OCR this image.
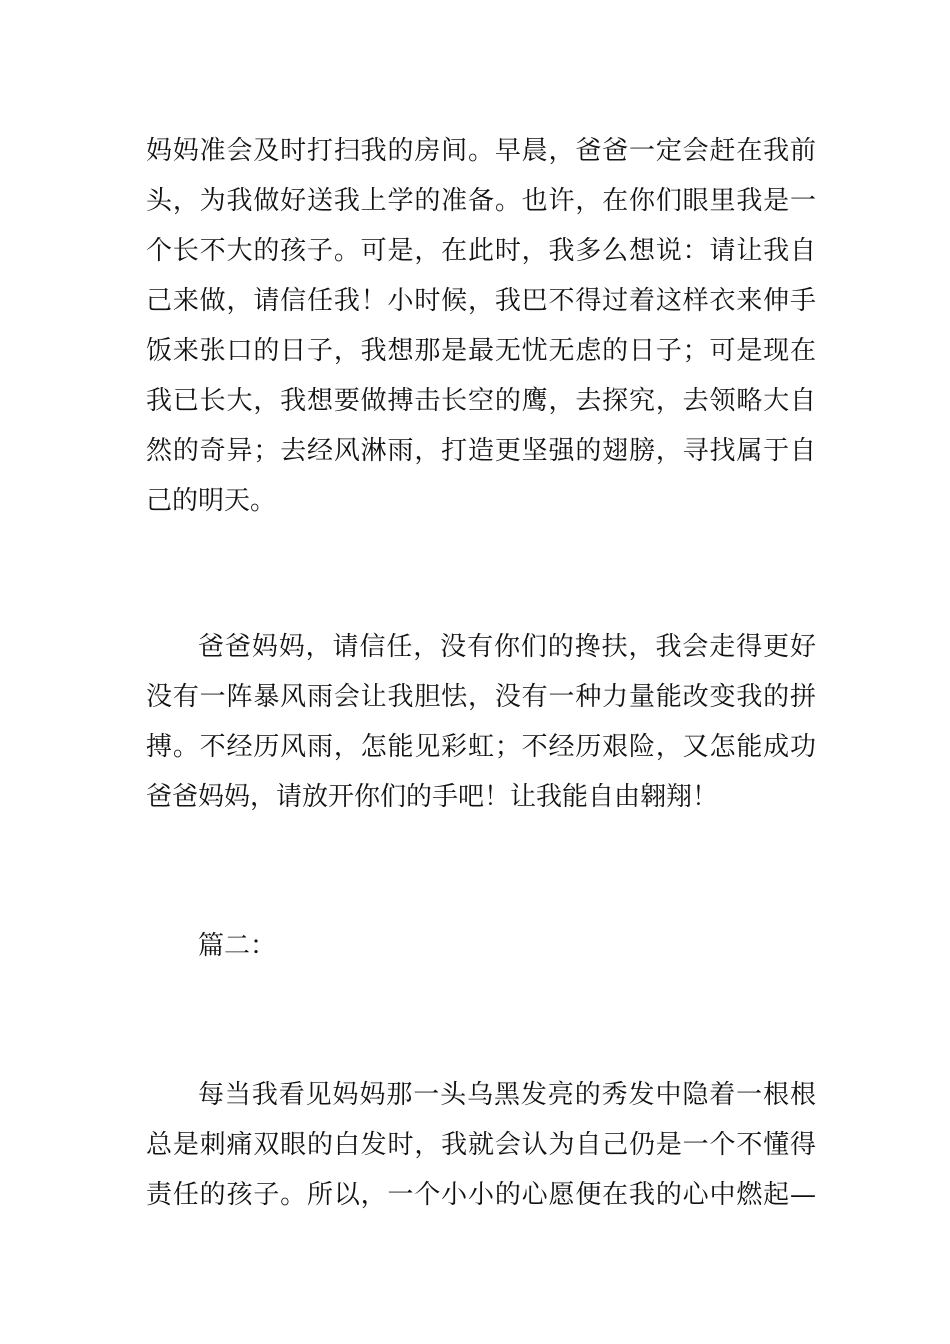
妈妈准会及时打扫我的房间。早晨，爸爸一定会赶在我前
头，为我做好送我上学的准备。也许，在你们眼里我是一
个长不大的孩子。可是，在此时，我多么想说：请让我自
己来做，请信任我！小时候，我巴不得过着这样衣来伸手
饭来张口的日子，我想那是最无忧无虑的日子；可是现在
我已长大，我想要做搏击长空的鹰，去探究，去领略大自
然的奇异；去经风淋雨，打造更坚强的翅膀，寻找属于自
己的明天。
爸爸妈妈，请信任，没有你们的搀扶，我会走得更好
没有一阵暴风雨会让我胆怯，没有一种力量能改变我的拼
搏。不经历风雨，怎能见彩虹；不经历艰险，又怎能成功
爸爸妈妈，请放开你们的手吧！让我能自由翱翔！
篇二：
每当我看见妈妈那一头乌黑发亮的秀发中隐着一根根
总是刺痛双眼的白发时，我就会认为自己仍是一个不懂得
责任的孩子。所以，一个小小的心愿便在我的心中燃起—
